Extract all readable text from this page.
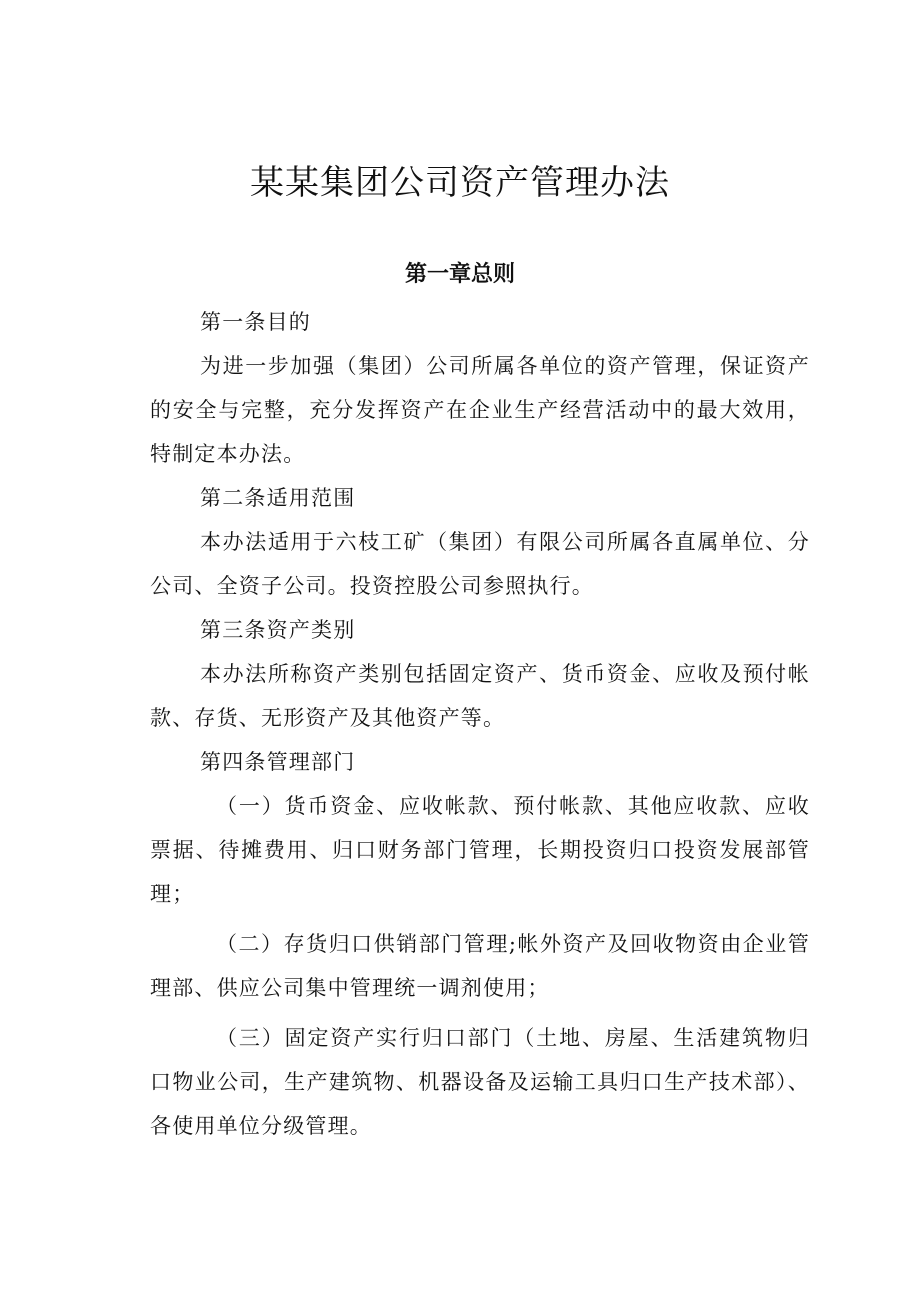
某某集团公司资产管理办法
第一章总则

第一条目的

为进一步加强（集团）公司所属各单位的资产管理，保证资产的安全与完整，充分发挥资产在企业生产经营活动中的最大效用，特制定本办法。

第二条适用范围

本办法适用于六枝工矿（集团）有限公司所属各直属单位、分公司、全资子公司。投资控股公司参照执行。

第三条资产类别

本办法所称资产类别包括固定资产、货币资金、应收及预付帐款、存货、无形资产及其他资产等。

第四条管理部门

（一）货币资金、应收帐款、预付帐款、其他应收款、应收票据、待摊费用、归口财务部门管理，长期投资归口投资发展部管理；

（二）存货归口供销部门管理;帐外资产及回收物资由企业管理部、供应公司集中管理统一调剂使用；

（三）固定资产实行归口部门（土地、房屋、生活建筑物归口物业公司，生产建筑物、机器设备及运输工具归口生产技术部）、各使用单位分级管理。
